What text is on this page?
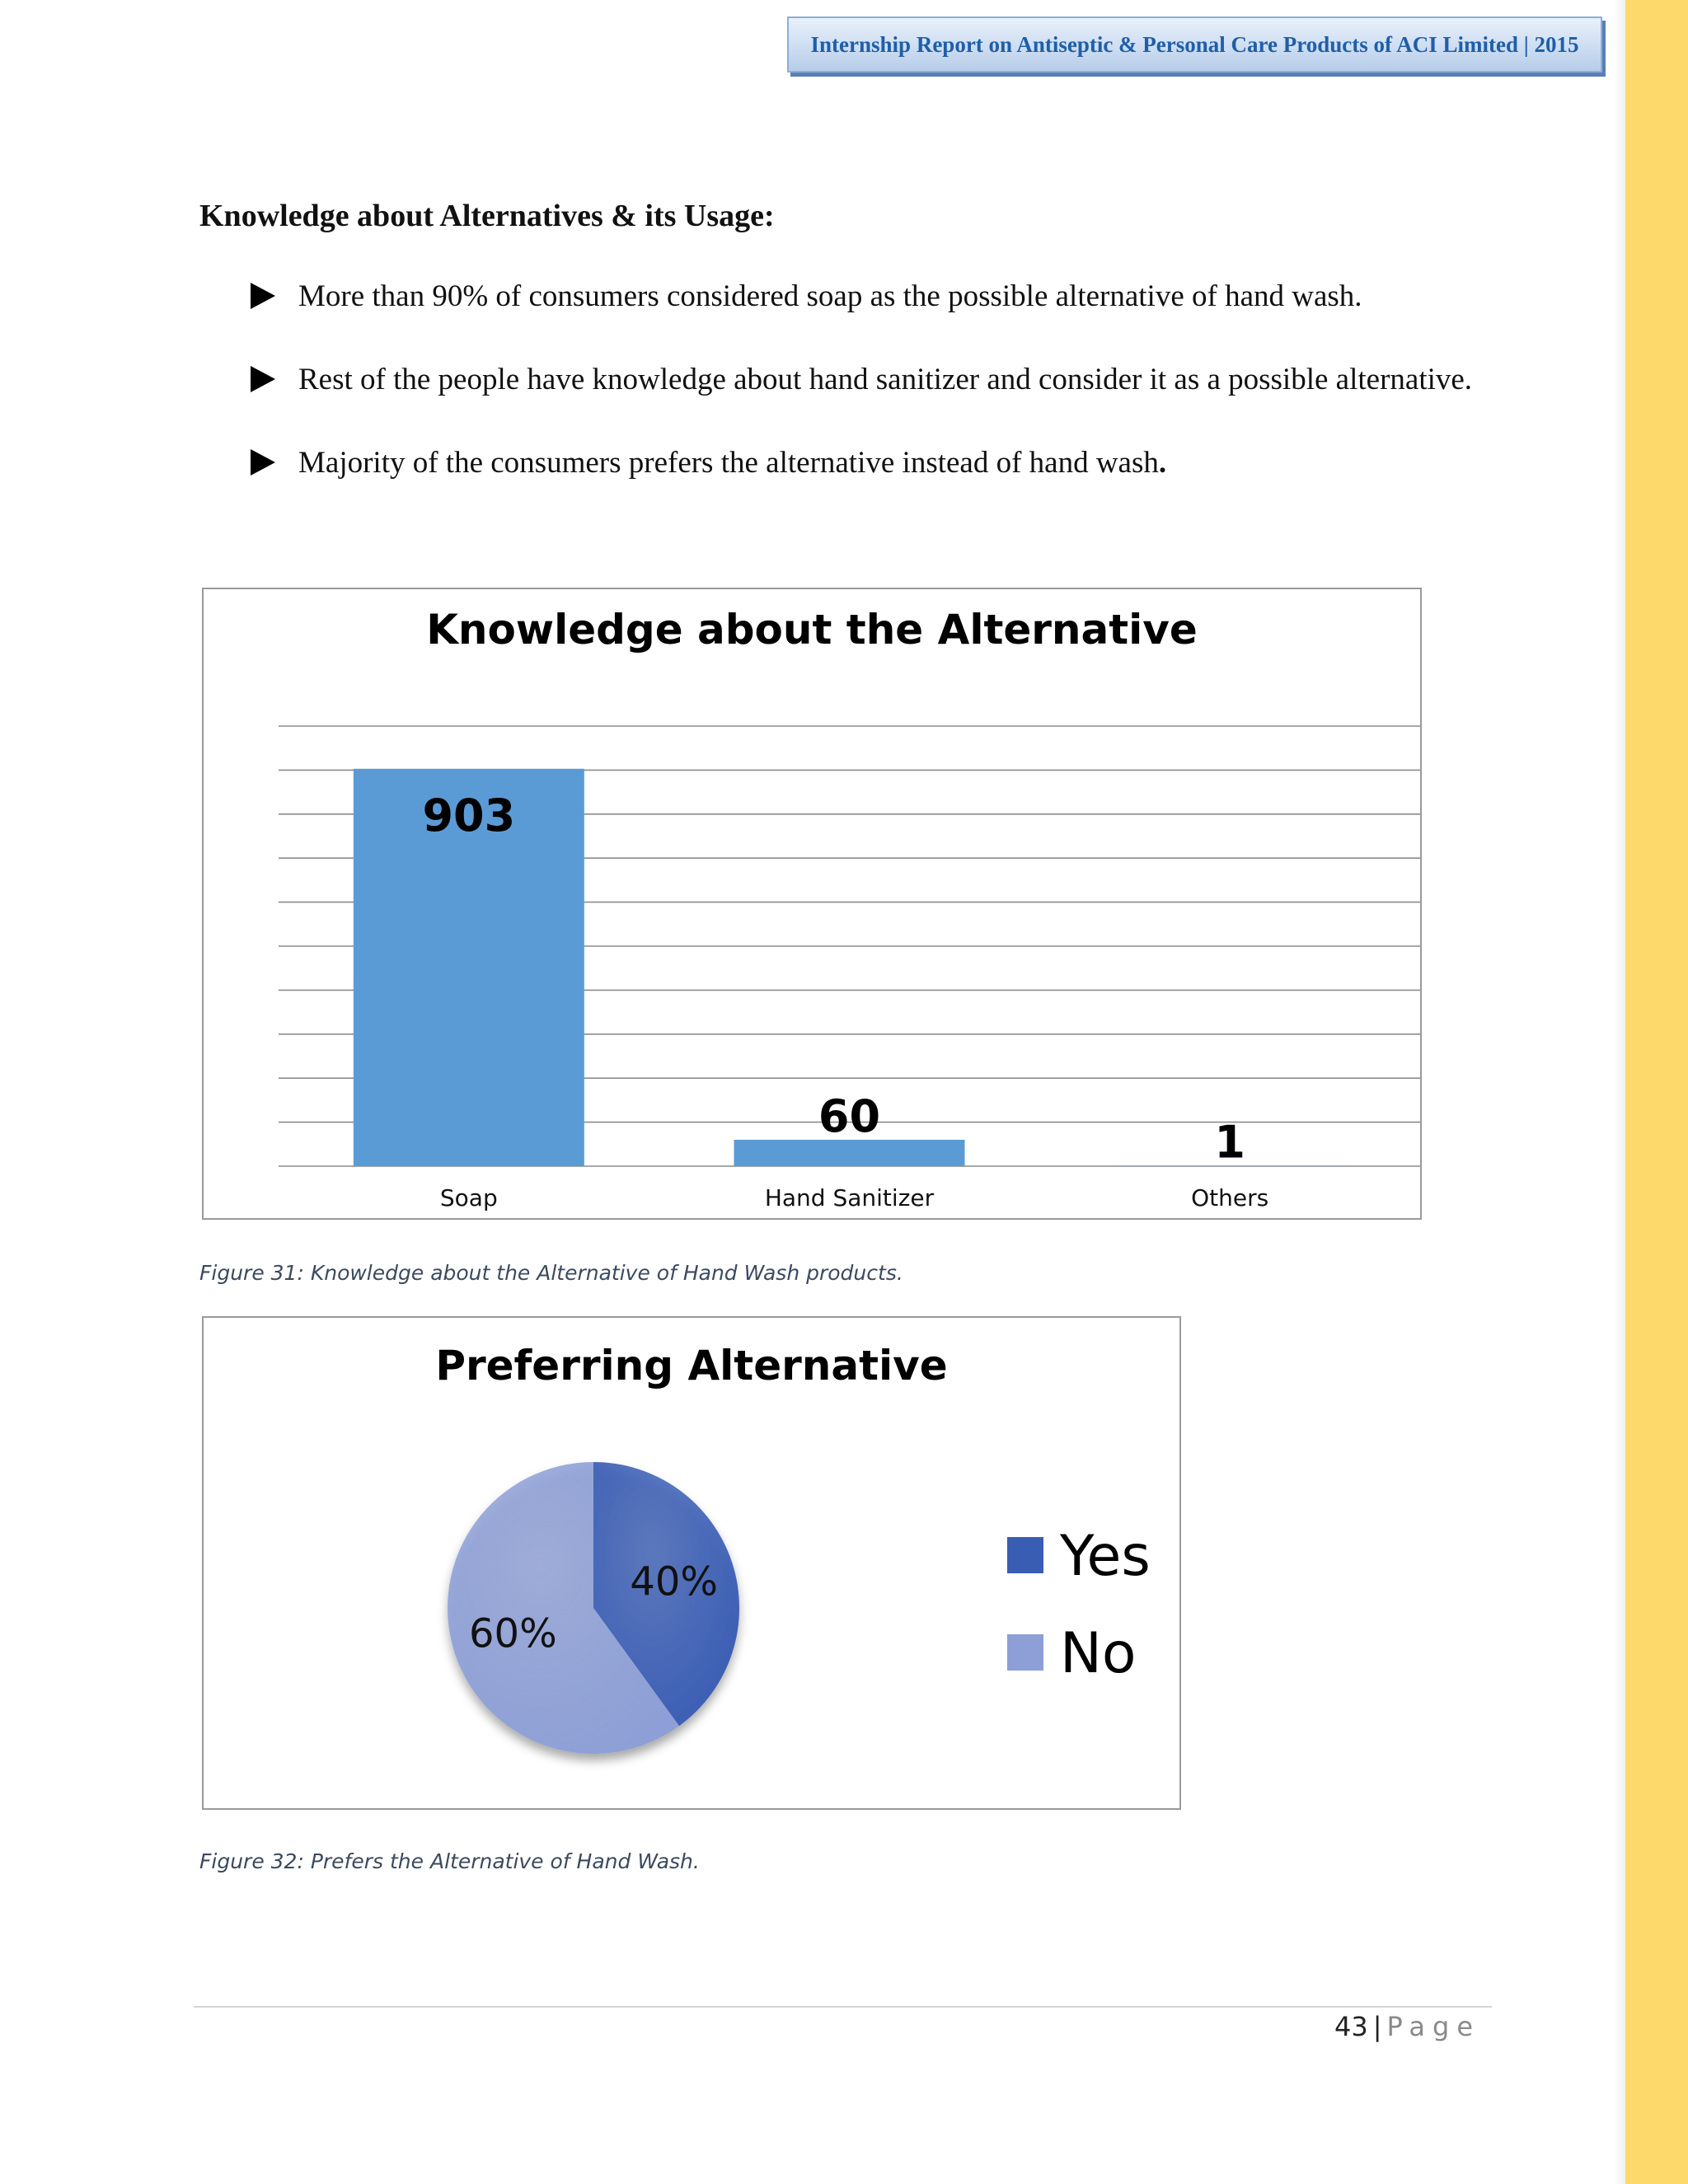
Internship Report on Antiseptic & Personal Care Products of ACI Limited | 2015
Knowledge about Alternatives & its Usage:
More than 90% of consumers considered soap as the possible alternative of hand wash.
Rest of the people have knowledge about hand sanitizer and consider it as a possible alternative.
Majority of the consumers prefers the alternative instead of hand wash .
Knowledge about the Alternative
903
Soap
60
Hand Sanitizer
1
Others
Figure 31: Knowledge about the Alternative of Hand Wash products.
Preferring Alternative
40%
60%
Yes
No
Figure 32: Prefers the Alternative of Hand Wash.
43 | Page
